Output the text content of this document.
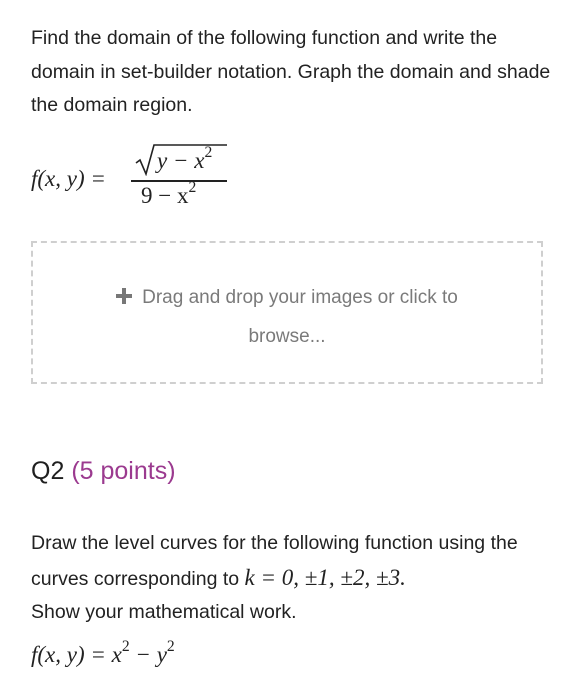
Find the domain of the following function and write the domain in set-builder notation. Graph the domain and shade the domain region.
f(x, y) =
$y - x^2$
$9 - x^2$
Drag and drop your images or click to
browse...
Q2 (5 points)
Draw the level curves for the following function using the curves corresponding to k = 0, ±1, ±2, ±3.
Show your mathematical work.
f(x, $y) = x^2 - y^2$
